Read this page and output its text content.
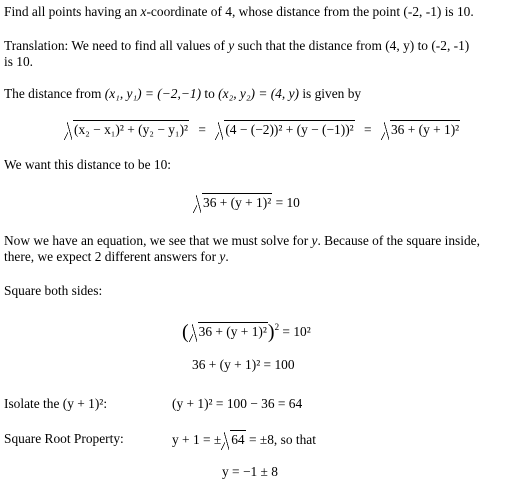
Find all points having an x-coordinate of 4, whose distance from the point (-2, -1) is 10.
Translation: We need to find all values of y such that the distance from (4, y) to (-2, -1)
is 10.
The distance from (x₁, y₁) = (−2,−1) to (x₂, y₂) = (4, y) is given by
(x₂ − x₁)² + (y₂ − y₁)² = (4 − (−2))² + (y − (−1))² = 36 + (y + 1)²
We want this distance to be 10:
36 + (y + 1)² = 10
Now we have an equation, we see that we must solve for y. Because of the square inside,
there, we expect 2 different answers for y.
Square both sides:
( 36 + (y + 1)²)$^2$ = 10²
36 + (y + 1)² = 100
Isolate the (y + 1)²:	(y + 1)² = 100 − 36 = 64
Square Root Property:	y + 1 = ± 64 = ±8, so that
y = −1 ± 8
